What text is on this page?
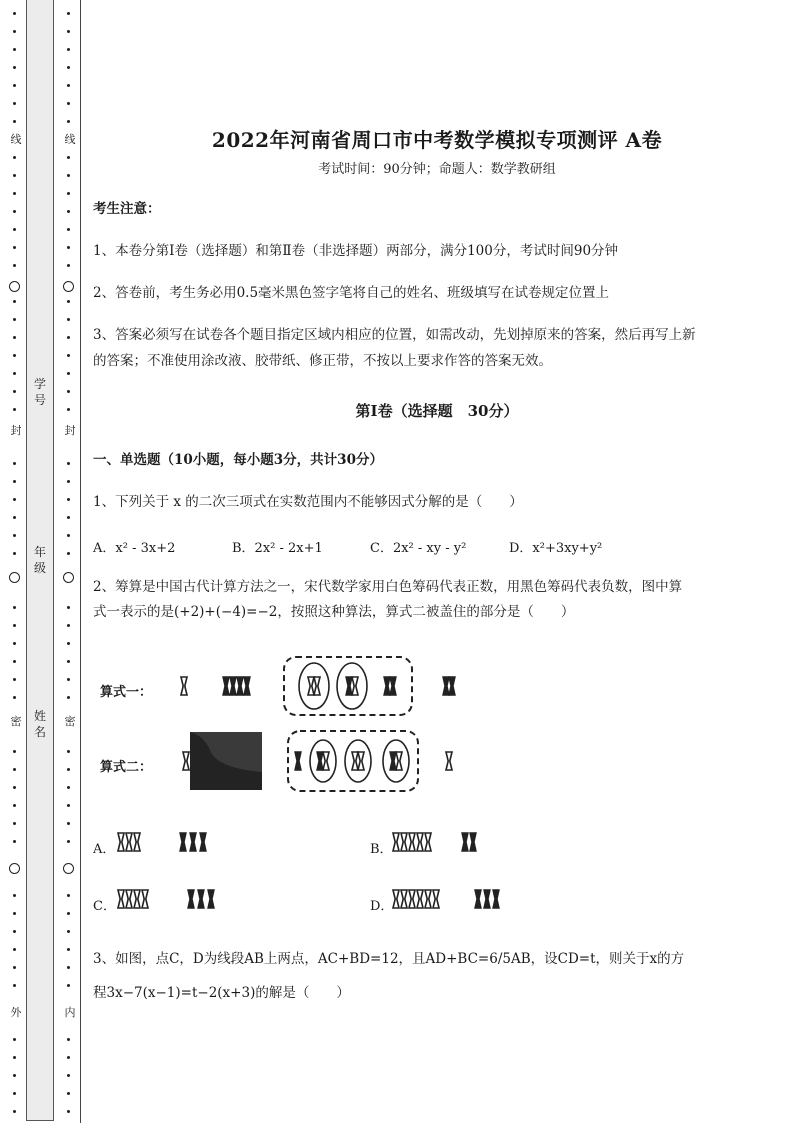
线
封
密
外
线
封
密
内
学号
年级
姓名
2022年河南省周口市中考数学模拟专项测评 A卷
考试时间：90分钟；命题人：数学教研组
考生注意：
1、本卷分第Ⅰ卷（选择题）和第Ⅱ卷（非选择题）两部分，满分100分，考试时间90分钟
2、答卷前，考生务必用0.5毫米黑色签字笔将自己的姓名、班级填写在试卷规定位置上
3、答案必须写在试卷各个题目指定区域内相应的位置，如需改动，先划掉原来的答案，然后再写上新
的答案；不准使用涂改液、胶带纸、修正带，不按以上要求作答的答案无效。
第Ⅰ卷（选择题　30分）
一、单选题（10小题，每小题3分，共计30分）
1、下列关于 x 的二次三项式在实数范围内不能够因式分解的是（　　）
A．x² - 3x+2	B．2x² - 2x+1	C．2x² - xy - y²	D．x²+3xy+y²
2、筹算是中国古代计算方法之一，宋代数学家用白色筹码代表正数，用黑色筹码代表负数，图中算
式一表示的是(+2)+(−4)=−2，按照这种算法，算式二被盖住的部分是（　　）
算式一：
算式二：
A．	B．
C．	D．
3、如图，点C，D为线段AB上两点，AC+BD=12，且AD+BC=6/5AB，设CD=t，则关于x的方
程3x−7(x−1)=t−2(x+3)的解是（　　）
